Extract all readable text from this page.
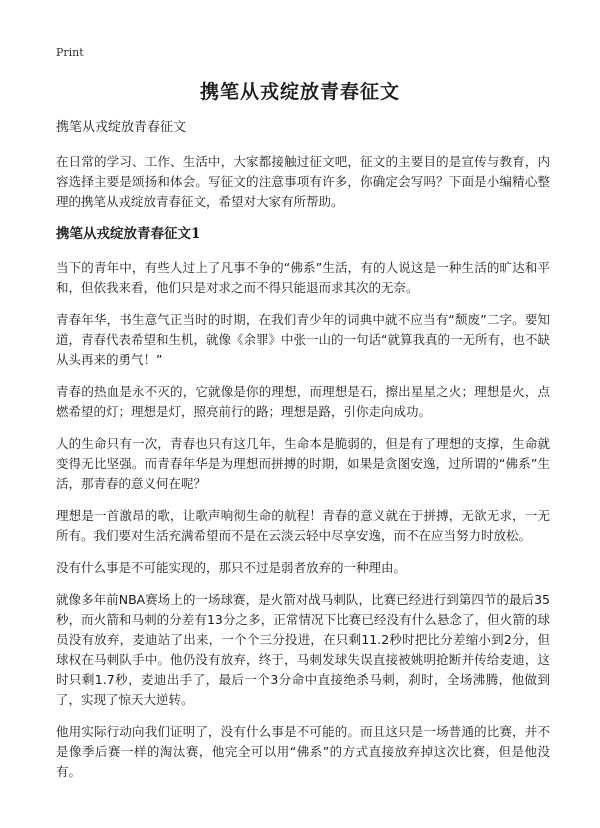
Print
携笔从戎绽放青春征文

携笔从戎绽放青春征文

在日常的学习、工作、生活中，大家都接触过征文吧，征文的主要目的是宣传与教育，内容选择主要是颂扬和体会。写征文的注意事项有许多，你确定会写吗？下面是小编精心整理的携笔从戎绽放青春征文，希望对大家有所帮助。

携笔从戎绽放青春征文1

当下的青年中，有些人过上了凡事不争的“佛系”生活，有的人说这是一种生活的旷达和平和，但依我来看，他们只是对求之而不得只能退而求其次的无奈。

青春年华，书生意气正当时的时期，在我们青少年的词典中就不应当有“颓废”二字。要知道，青春代表希望和生机，就像《余罪》中张一山的一句话“就算我真的一无所有，也不缺从头再来的勇气！”

青春的热血是永不灭的，它就像是你的理想，而理想是石，擦出星星之火；理想是火，点燃希望的灯；理想是灯，照亮前行的路；理想是路，引你走向成功。

人的生命只有一次，青春也只有这几年，生命本是脆弱的，但是有了理想的支撑，生命就变得无比坚强。而青春年华是为理想而拼搏的时期，如果是贪图安逸，过所谓的“佛系”生活，那青春的意义何在呢？

理想是一首激昂的歌，让歌声响彻生命的航程！青春的意义就在于拼搏，无欲无求，一无所有。我们要对生活充满希望而不是在云淡云轻中尽享安逸，而不在应当努力时放松。

没有什么事是不可能实现的，那只不过是弱者放弃的一种理由。

就像多年前NBA赛场上的一场球赛，是火箭对战马刺队，比赛已经进行到第四节的最后35秒，而火箭和马刺的分差有13分之多，正常情况下比赛已经没有什么悬念了，但火箭的球员没有放弃，麦迪站了出来，一个个三分投进，在只剩11.2秒时把比分差缩小到2分，但球权在马刺队手中。他仍没有放弃，终于，马刺发球失误直接被姚明抢断并传给麦迪，这时只剩1.7秒，麦迪出手了，最后一个3分命中直接绝杀马刺，刹时，全场沸腾，他做到了，实现了惊天大逆转。

他用实际行动向我们证明了，没有什么事是不可能的。而且这只是一场普通的比赛，并不是像季后赛一样的淘汰赛，他完全可以用“佛系”的方式直接放弃掉这次比赛，但是他没有。
